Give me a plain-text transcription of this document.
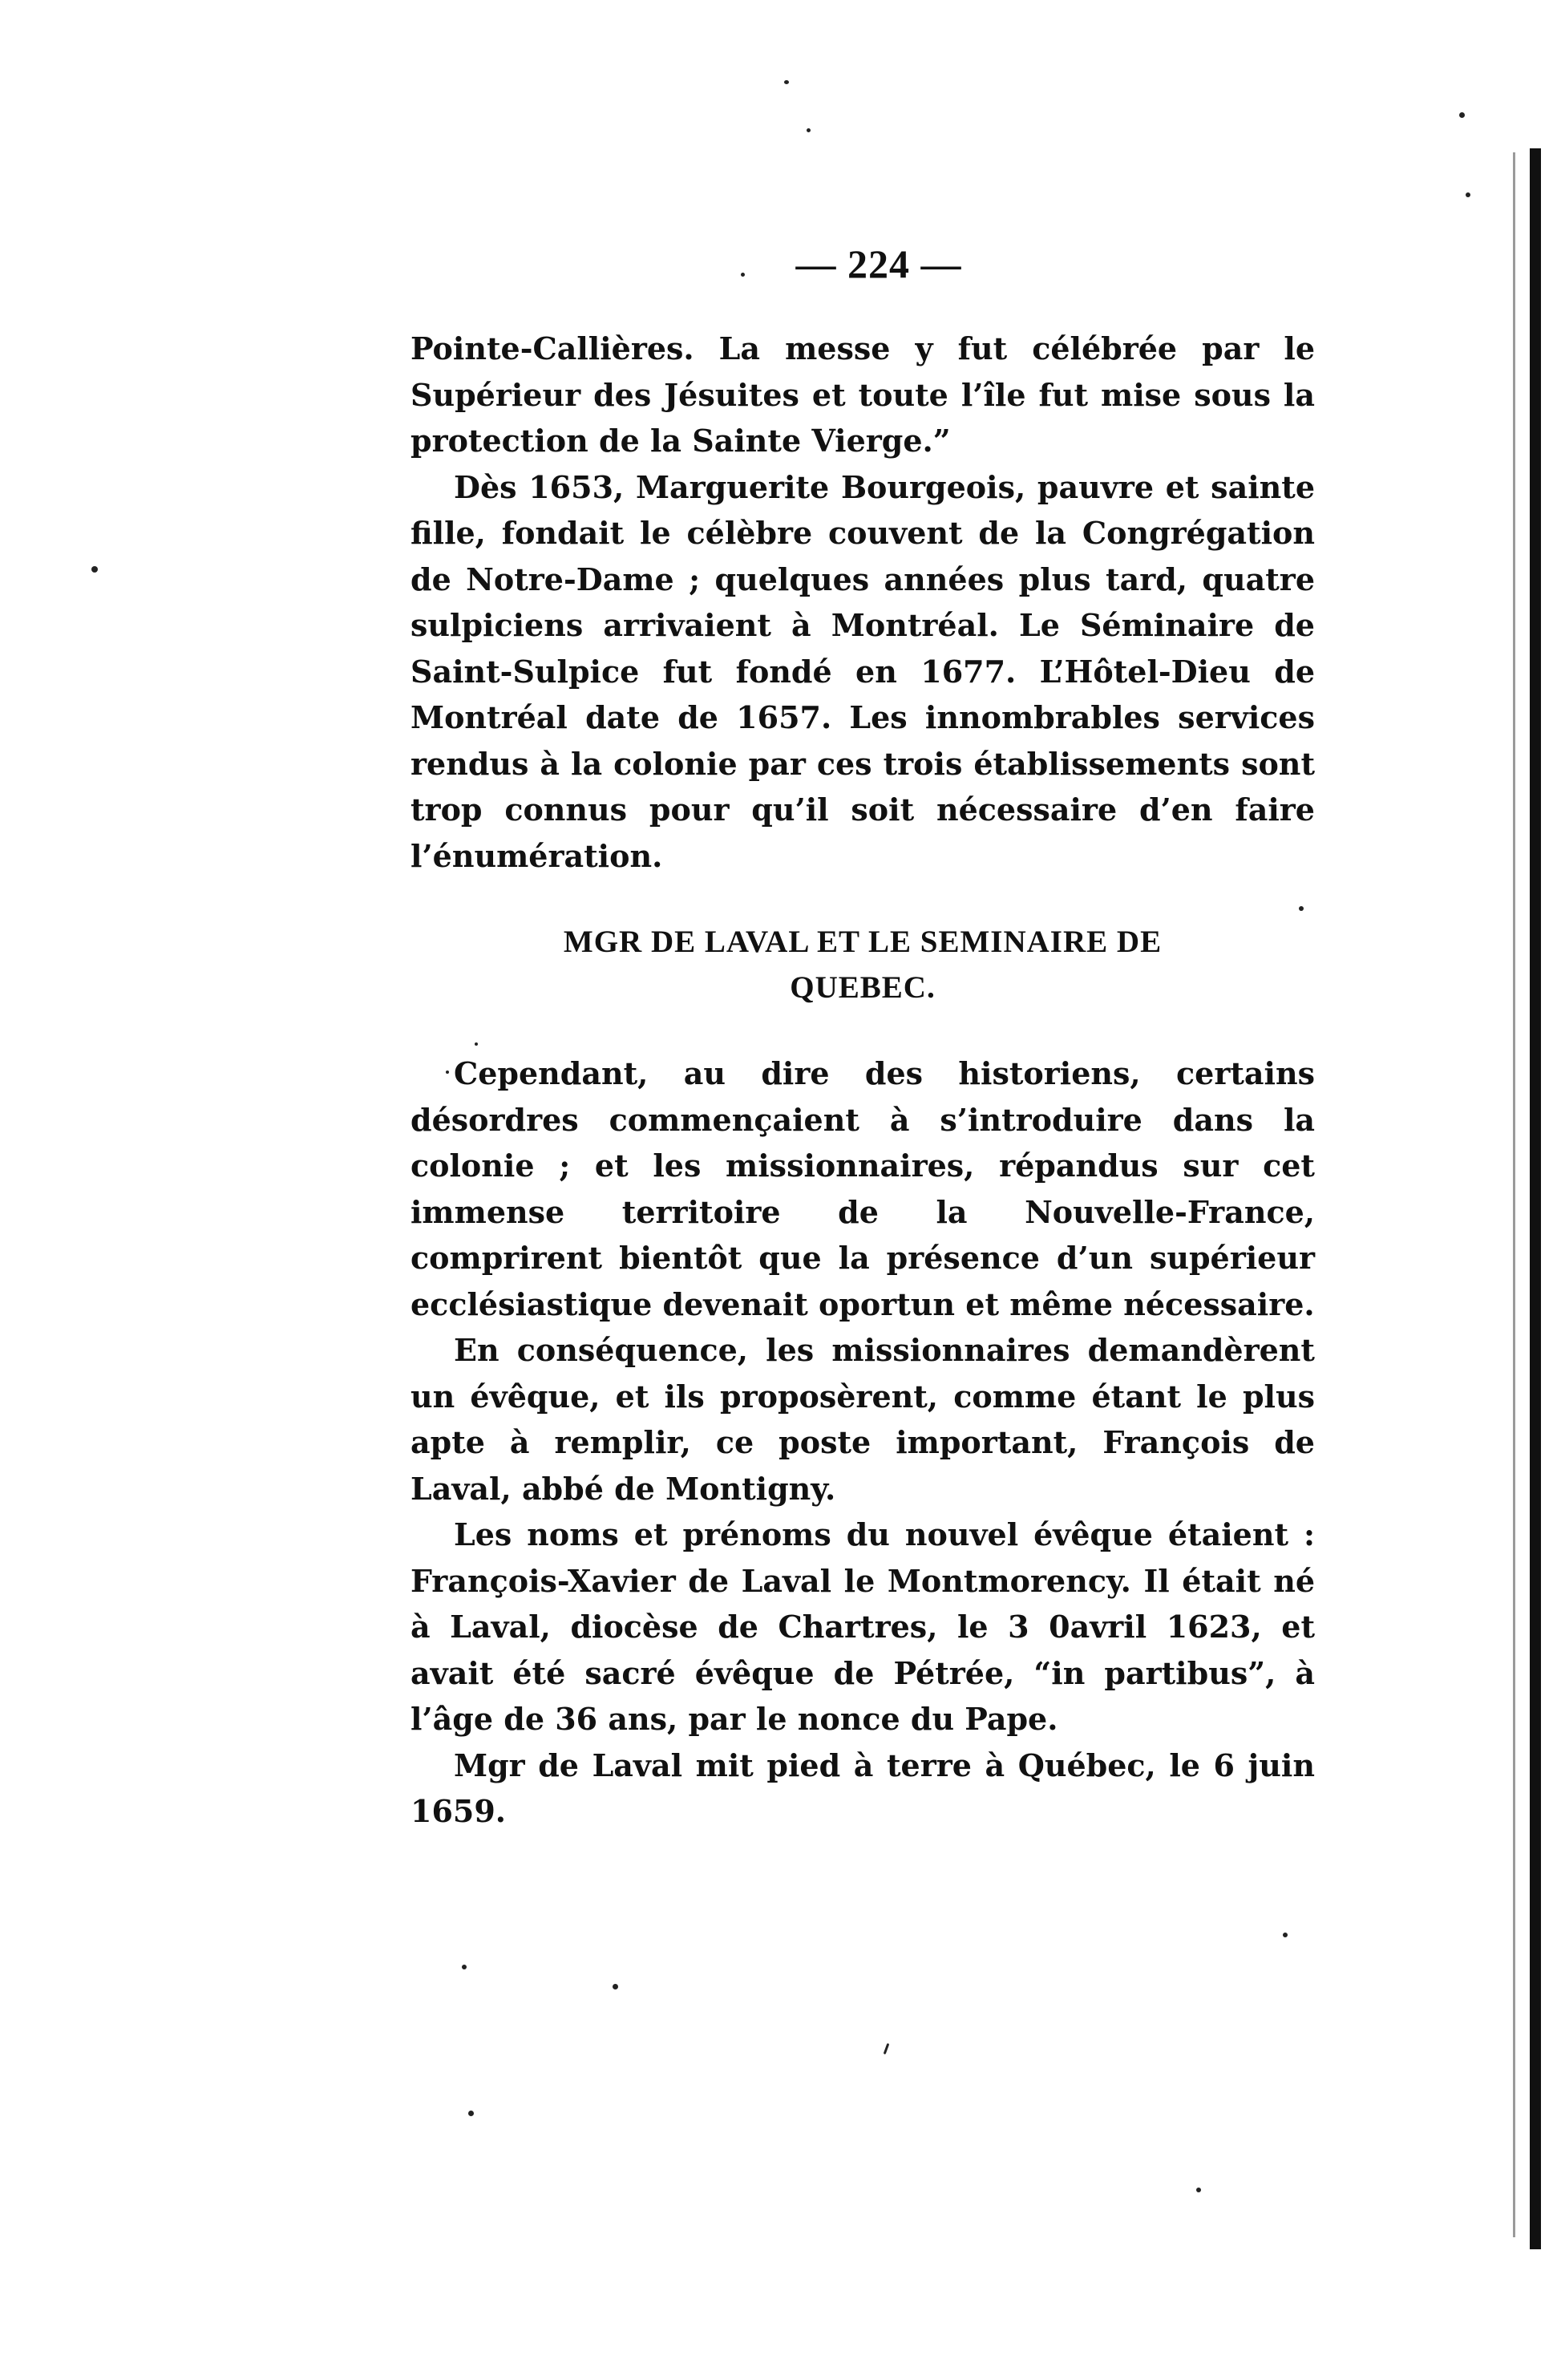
— 224 —

Pointe-Callières. La messe y fut célébrée par le Supérieur des Jésuites et toute l’île fut mise sous la protection de la Sainte Vierge.”

Dès 1653, Marguerite Bourgeois, pauvre et sainte fille, fondait le célèbre couvent de la Congrégation de Notre-Dame ; quelques années plus tard, quatre sulpiciens arrivaient à Montréal. Le Séminaire de Saint-Sulpice fut fondé en 1677. L’Hôtel-Dieu de Montréal date de 1657. Les innombrables services rendus à la colonie par ces trois établissements sont trop connus pour qu’il soit nécessaire d’en faire l’énumération.

MGR DE LAVAL ET LE SEMINAIRE DE
QUEBEC.

Cependant, au dire des historiens, certains désordres commençaient à s’introduire dans la colonie ; et les missionnaires, répandus sur cet immense territoire de la Nouvelle-France, comprirent bientôt que la présence d’un supérieur ecclésiastique devenait oportun et même nécessaire.

En conséquence, les missionnaires demandèrent un évêque, et ils proposèrent, comme étant le plus apte à remplir, ce poste important, François de Laval, abbé de Montigny.

Les noms et prénoms du nouvel évêque étaient : François-Xavier de Laval le Montmorency. Il était né à Laval, diocèse de Chartres, le 3 0avril 1623, et avait été sacré évêque de Pétrée, “in partibus”, à l’âge de 36 ans, par le nonce du Pape.

Mgr de Laval mit pied à terre à Québec, le 6 juin 1659.
